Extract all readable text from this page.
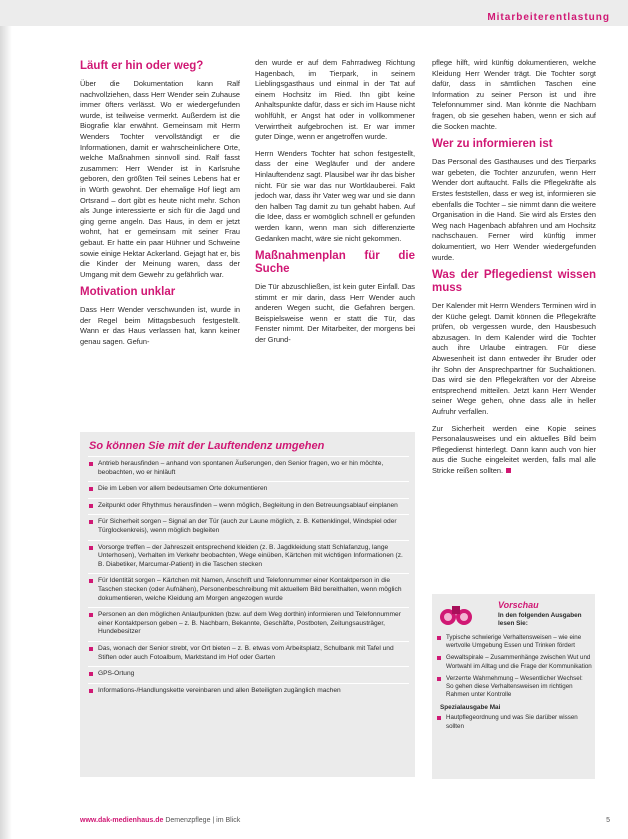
Mitarbeiterentlastung
Läuft er hin oder weg?

Über die Dokumentation kann Ralf nachvollziehen, dass Herr Wender sein Zuhause immer öfters verlässt. Wo er wiedergefunden wurde, ist teilweise vermerkt. Außerdem ist die Biografie klar erwähnt. Gemeinsam mit Herrn Wenders Tochter vervollständigt er die Informationen, damit er wahrscheinlichere Orte, welche Maßnahmen sinnvoll sind. Ralf fasst zusammen: Herr Wender ist in Karlsruhe geboren, den größten Teil seines Lebens hat er in Würth gewohnt. Der ehemalige Hof liegt am Ortsrand – dort gibt es heute nicht mehr. Schon als Junge interessierte er sich für die Jagd und ging gerne angeln. Das Haus, in dem er jetzt wohnt, hat er gemeinsam mit seiner Frau gebaut. Er hatte ein paar Hühner und Schweine sowie einige Hektar Ackerland. Gejagt hat er, bis die Kinder der Meinung waren, dass der Umgang mit dem Gewehr zu gefährlich war.

Motivation unklar

Dass Herr Wender verschwunden ist, wurde in der Regel beim Mittagsbesuch festgestellt. Wann er das Haus verlassen hat, kann keiner genau sagen. Gefun-

den wurde er auf dem Fahrradweg Richtung Hagenbach, im Tierpark, in seinem Lieblingsgasthaus und einmal in der Tat auf einem Hochsitz im Ried. Ihn gibt keine Anhaltspunkte dafür, dass er sich im Hause nicht wohlfühlt, er Angst hat oder in vollkommener Verwirrtheit aufgebrochen ist. Er war immer guter Dinge, wenn er angetroffen wurde.

Herrn Wenders Tochter hat schon festgestellt, dass der eine Wegläufer und der andere Hinlauftendenz sagt. Plausibel war ihr das bisher nicht. Für sie war das nur Wortklauberei. Fakt jedoch war, dass ihr Vater weg war und sie dann den halben Tag damit zu tun gehabt haben. Auf die Idee, dass er womöglich schnell er gefunden werden kann, wenn man sich differenzierte Gedanken macht, wäre sie nicht gekommen.

Maßnahmenplan für die Suche

Die Tür abzuschließen, ist kein guter Einfall. Das stimmt er mir darin, dass Herr Wender auch anderen Wegen sucht, die Gefahren bergen. Beispielsweise wenn er statt die Tür, das Fenster nimmt. Der Mitarbeiter, der morgens bei der Grund-

pflege hilft, wird künftig dokumentieren, welche Kleidung Herr Wender trägt. Die Tochter sorgt dafür, dass in sämtlichen Taschen eine Information zu seiner Person ist und ihre Telefonnummer sind. Man könnte die Nachbarn fragen, ob sie gesehen haben, wenn er sich auf die Socken machte.

Wer zu informieren ist

Das Personal des Gasthauses und des Tierparks war gebeten, die Tochter anzurufen, wenn Herr Wender dort auftaucht. Falls die Pflegekräfte als Erstes feststellen, dass er weg ist, informieren sie ebenfalls die Tochter – sie nimmt dann die weitere Organisation in die Hand. Sie wird als Erstes den Weg nach Hagenbach abfahren und am Hochsitz nachschauen. Ferner wird künftig immer dokumentiert, wo Herr Wender wiedergefunden wurde.

Was der Pflegedienst wissen muss

Der Kalender mit Herrn Wenders Terminen wird in der Küche gelegt. Damit können die Pflegekräfte prüfen, ob vergessen wurde, den Hausbesuch abzusagen. In dem Kalender wird die Tochter auch ihre Urlaube eintragen. Für diese Abwesenheit ist dann entweder ihr Bruder oder ihr Sohn der Ansprechpartner für Suchaktionen. Das wird sie den Pflegekräften vor der Abreise entsprechend mitteilen. Jetzt kann Herr Wender seiner Wege gehen, ohne dass alle in heller Aufruhr verfallen.

Zur Sicherheit werden eine Kopie seines Personalausweises und ein aktuelles Bild beim Pflegedienst hinterlegt. Dann kann auch von hier aus die Suche eingeleitet werden, falls mal alle Stricke reißen sollten.

So können Sie mit der Lauftendenz umgehen
Antrieb herausfinden – anhand von spontanen Äußerungen, den Senior fragen, wo er hin möchte, beobachten, wo er hinläuft
Die im Leben vor allem bedeutsamen Orte dokumentieren
Zeitpunkt oder Rhythmus herausfinden – wenn möglich, Begleitung in den Betreuungsablauf einplanen
Für Sicherheit sorgen – Signal an der Tür (auch zur Laune möglich, z. B. Kettenklingel, Windspiel oder Türglockenkreis), wenn möglich begleiten
Vorsorge treffen – der Jahreszeit entsprechend kleiden (z. B. Jagdkleidung statt Schlafanzug, lange Unterhosen), Verhalten im Verkehr beobachten, Wege einüben, Kärtchen mit wichtigen Informationen (z. B. Diabetiker, Marcumar-Patient) in die Taschen stecken
Für Identität sorgen – Kärtchen mit Namen, Anschrift und Telefonnummer einer Kontaktperson in die Taschen stecken (oder Aufnähen), Personenbeschreibung mit aktuellem Bild bereithalten, wenn möglich dokumentieren, welche Kleidung am Morgen angezogen wurde
Personen an den möglichen Anlaufpunkten (bzw. auf dem Weg dorthin) informieren und Telefonnummer einer Kontaktperson geben – z. B. Nachbarn, Bekannte, Geschäfte, Postboten, Zeitungsausträger, Hundebesitzer
Das, wonach der Senior strebt, vor Ort bieten – z. B. etwas vom Arbeitsplatz, Schulbank mit Tafel und Stiften oder auch Fotoalbum, Marktstand im Hof oder Garten
GPS-Ortung
Informations-/Handlungskette vereinbaren und allen Beteiligten zugänglich machen
Vorschau
In den folgenden Ausgaben lesen Sie:
Typische schwierige Verhaltensweisen – wie eine wertvolle Umgebung Essen und Trinken fördert
Gewaltspirale – Zusammenhänge zwischen Wut und Wortwahl im Alltag und die Frage der Kommunikation
Verzerrte Wahrnehmung – Wesentlicher Wechsel: So gehen diese Verhaltensweisen im richtigen Rahmen unter Kontrolle
Spezialausgabe Mai
Hautpflegeordnung und was Sie darüber wissen sollten
www.dak-medienhaus.de Demenzpflege | im Blick	5
